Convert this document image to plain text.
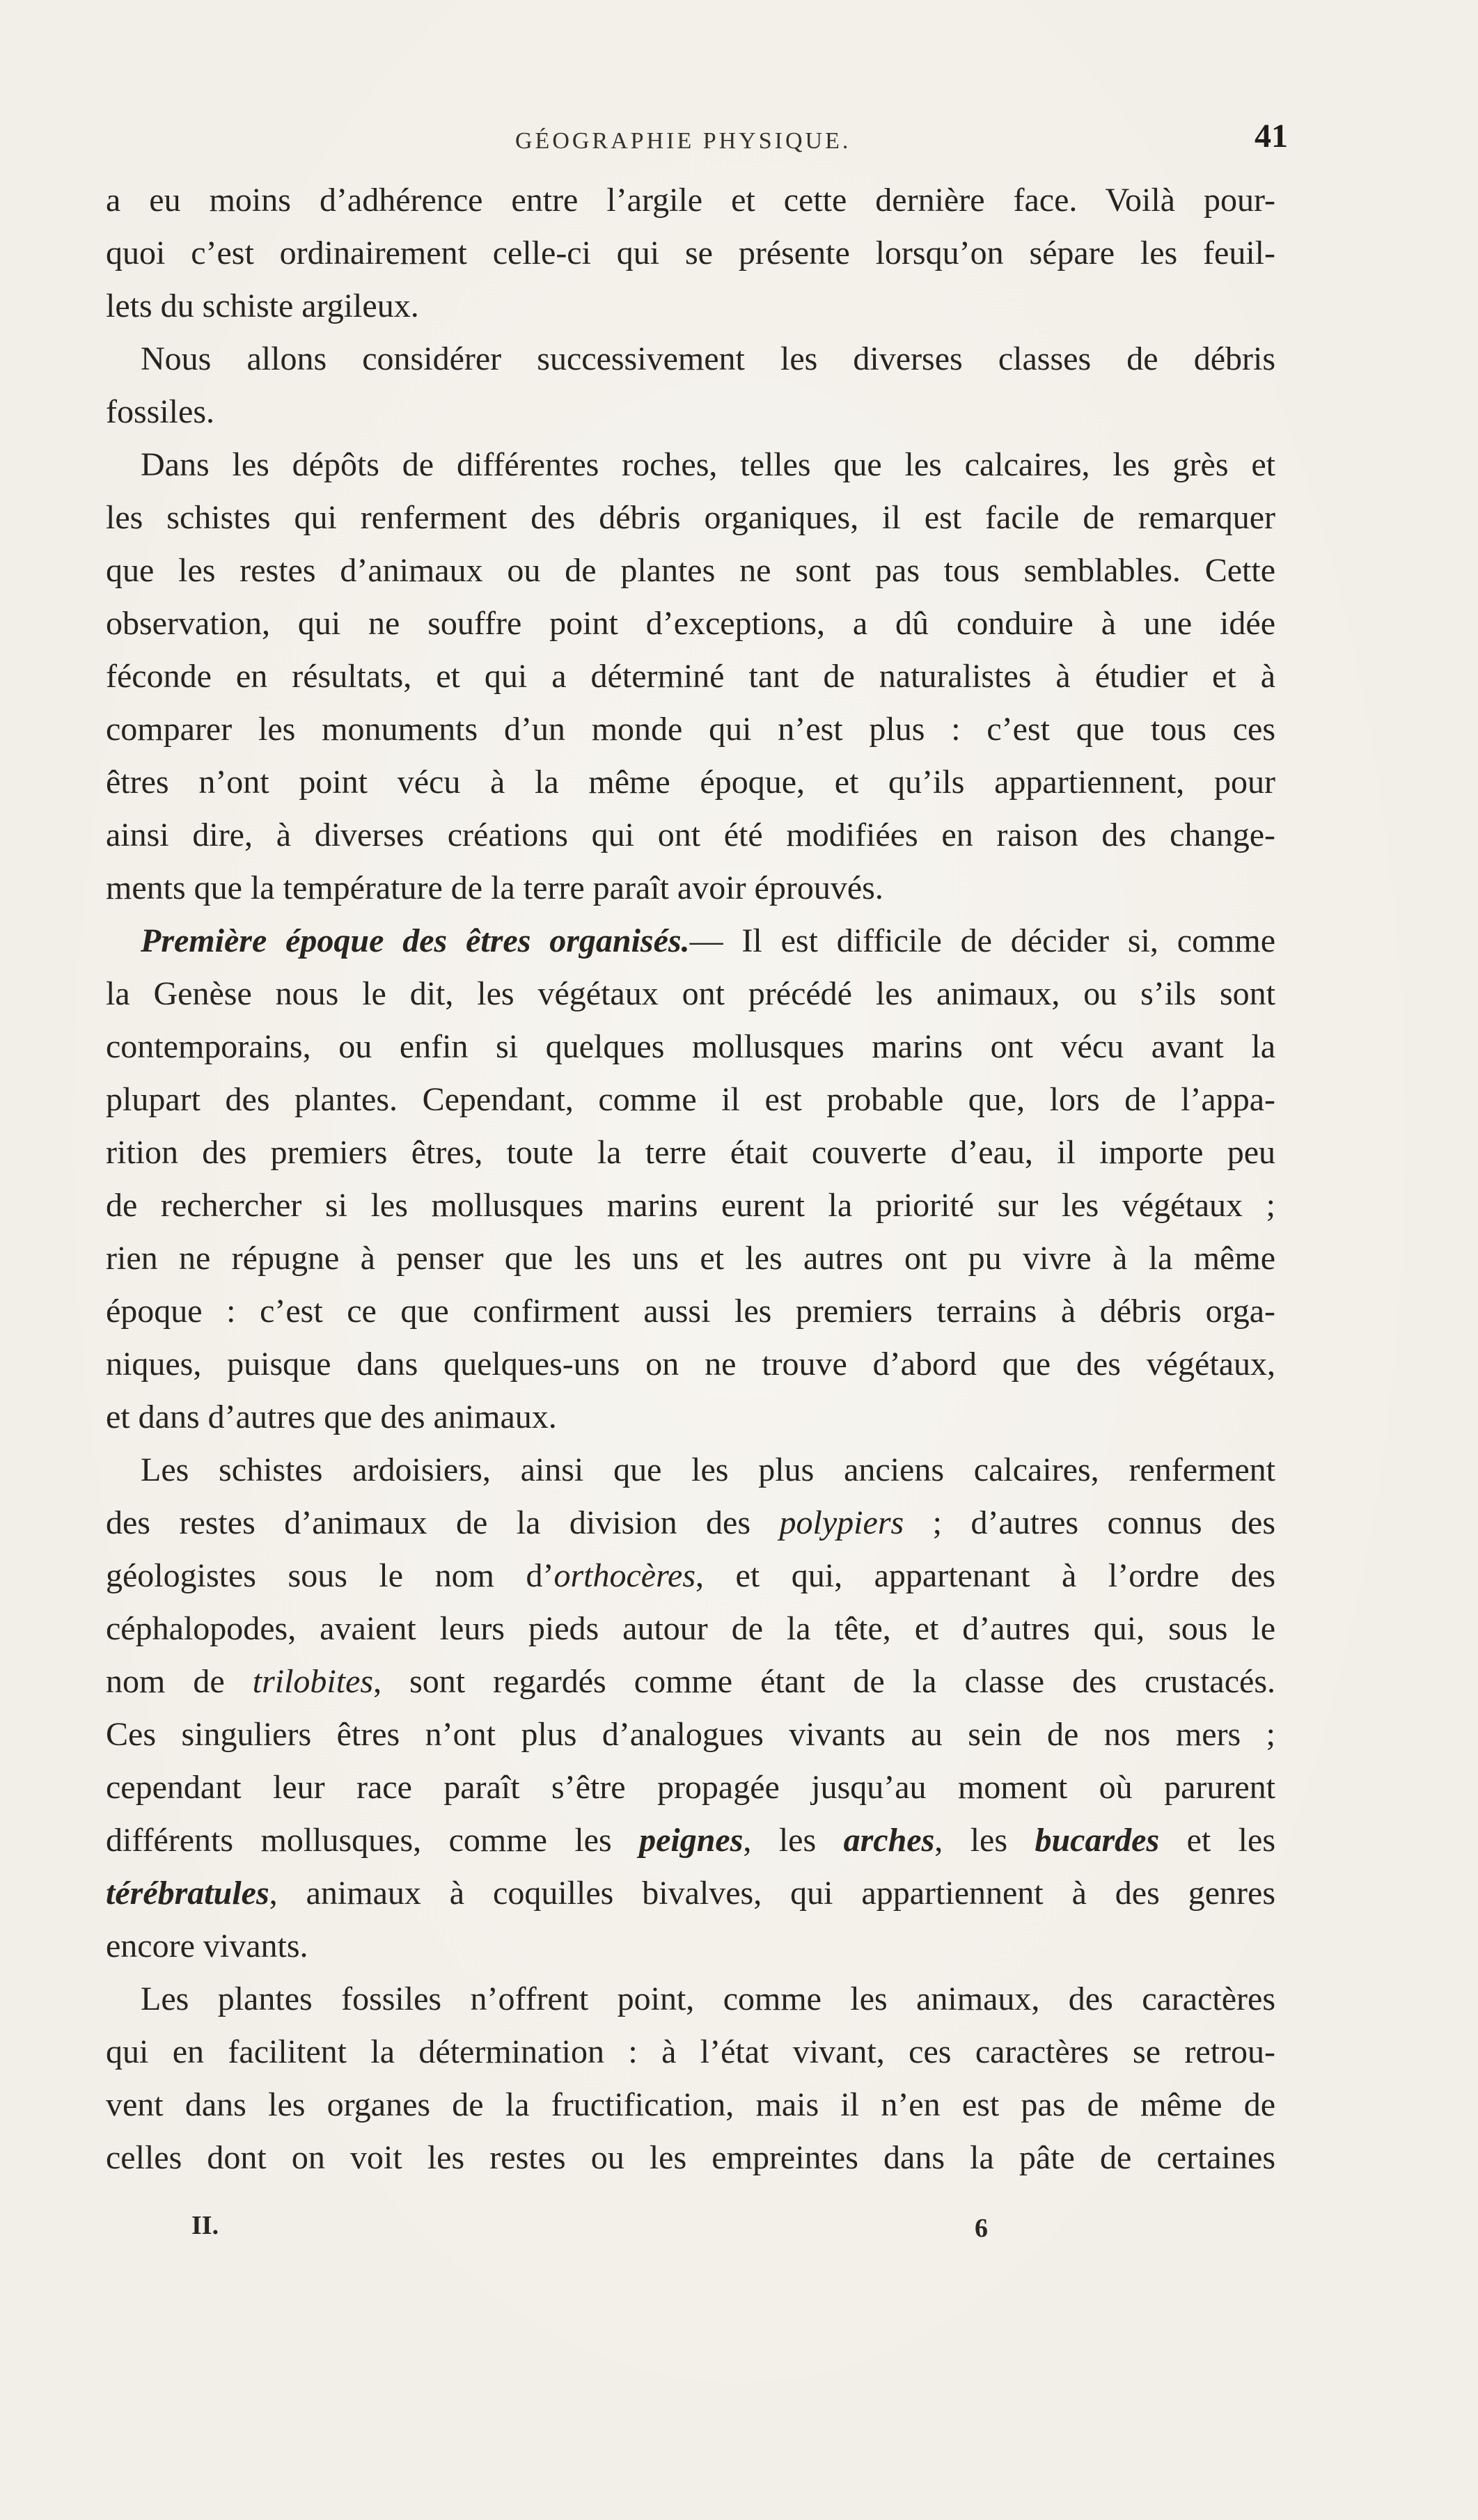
GÉOGRAPHIE PHYSIQUE.	41

a eu moins d’adhérence entre l’argile et cette dernière face. Voilà pour-
quoi c’est ordinairement celle-ci qui se présente lorsqu’on sépare les feuil-
lets du schiste argileux.

Nous allons considérer successivement les diverses classes de débris
fossiles.

Dans les dépôts de différentes roches, telles que les calcaires, les grès et
les schistes qui renferment des débris organiques, il est facile de remarquer
que les restes d’animaux ou de plantes ne sont pas tous semblables. Cette
observation, qui ne souffre point d’exceptions, a dû conduire à une idée
féconde en résultats, et qui a déterminé tant de naturalistes à étudier et à
comparer les monuments d’un monde qui n’est plus : c’est que tous ces
êtres n’ont point vécu à la même époque, et qu’ils appartiennent, pour
ainsi dire, à diverses créations qui ont été modifiées en raison des change-
ments que la température de la terre paraît avoir éprouvés.

Première époque des êtres organisés.— Il est difficile de décider si, comme
la Genèse nous le dit, les végétaux ont précédé les animaux, ou s’ils sont
contemporains, ou enfin si quelques mollusques marins ont vécu avant la
plupart des plantes. Cependant, comme il est probable que, lors de l’appa-
rition des premiers êtres, toute la terre était couverte d’eau, il importe peu
de rechercher si les mollusques marins eurent la priorité sur les végétaux ;
rien ne répugne à penser que les uns et les autres ont pu vivre à la même
époque : c’est ce que confirment aussi les premiers terrains à débris orga-
niques, puisque dans quelques-uns on ne trouve d’abord que des végétaux,
et dans d’autres que des animaux.

Les schistes ardoisiers, ainsi que les plus anciens calcaires, renferment
des restes d’animaux de la division des polypiers ; d’autres connus des
géologistes sous le nom d’orthocères, et qui, appartenant à l’ordre des
céphalopodes, avaient leurs pieds autour de la tête, et d’autres qui, sous le
nom de trilobites, sont regardés comme étant de la classe des crustacés.
Ces singuliers êtres n’ont plus d’analogues vivants au sein de nos mers ;
cependant leur race paraît s’être propagée jusqu’au moment où parurent
différents mollusques, comme les peignes, les arches, les bucardes et les
térébratules, animaux à coquilles bivalves, qui appartiennent à des genres
encore vivants.

Les plantes fossiles n’offrent point, comme les animaux, des caractères
qui en facilitent la détermination : à l’état vivant, ces caractères se retrou-
vent dans les organes de la fructification, mais il n’en est pas de même de
celles dont on voit les restes ou les empreintes dans la pâte de certaines

II.	6
